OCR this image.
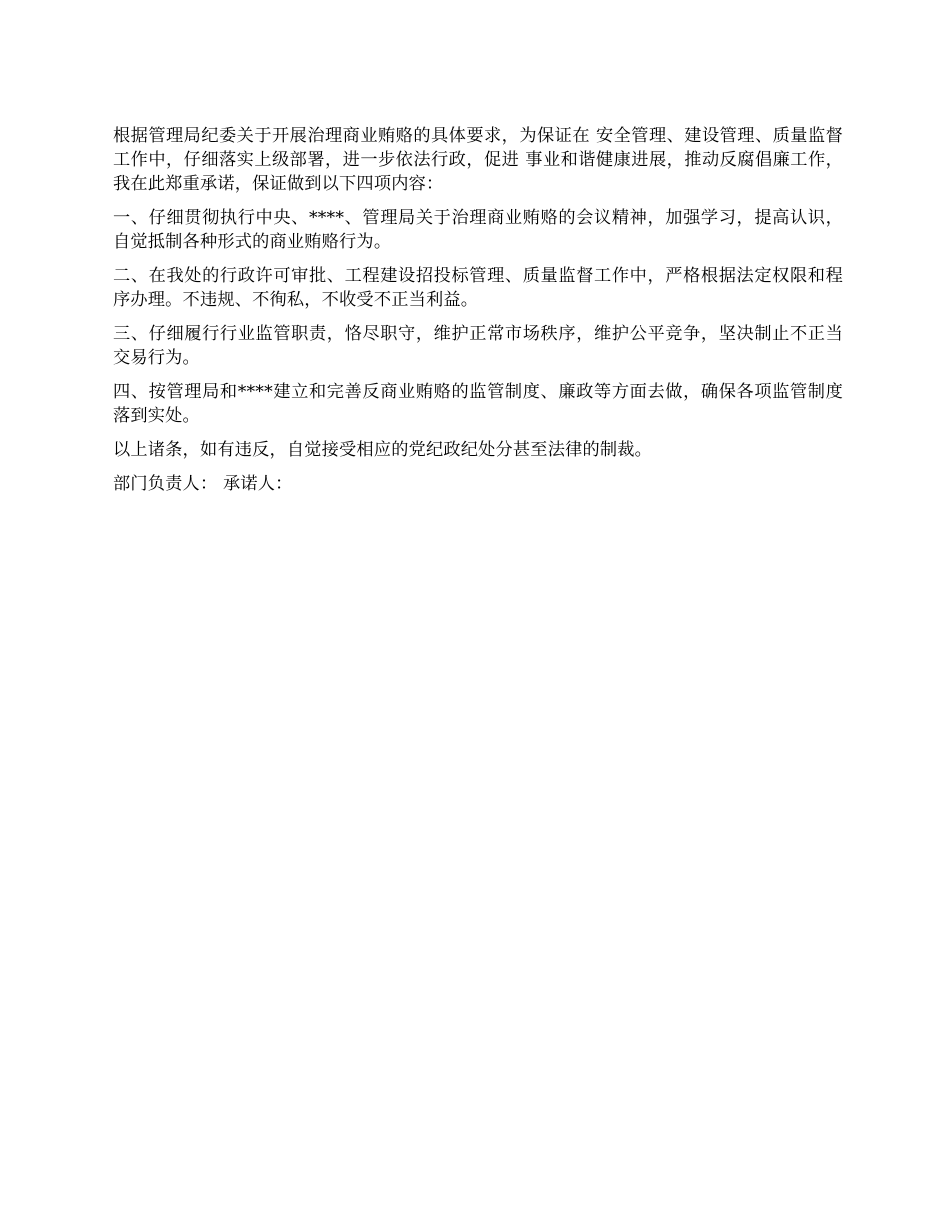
根据管理局纪委关于开展治理商业贿赂的具体要求，为保证在 安全管理、建设管理、质量监督工作中，仔细落实上级部署，进一步依法行政，促进 事业和谐健康进展，推动反腐倡廉工作，我在此郑重承诺，保证做到以下四项内容：

一、仔细贯彻执行中央、****、管理局关于治理商业贿赂的会议精神，加强学习，提高认识，自觉抵制各种形式的商业贿赂行为。

二、在我处的行政许可审批、工程建设招投标管理、质量监督工作中，严格根据法定权限和程序办理。不违规、不徇私，不收受不正当利益。

三、仔细履行行业监管职责，恪尽职守，维护正常市场秩序，维护公平竞争，坚决制止不正当交易行为。

四、按管理局和****建立和完善反商业贿赂的监管制度、廉政等方面去做，确保各项监管制度落到实处。

以上诸条，如有违反，自觉接受相应的党纪政纪处分甚至法律的制裁。

部门负责人： 承诺人：
